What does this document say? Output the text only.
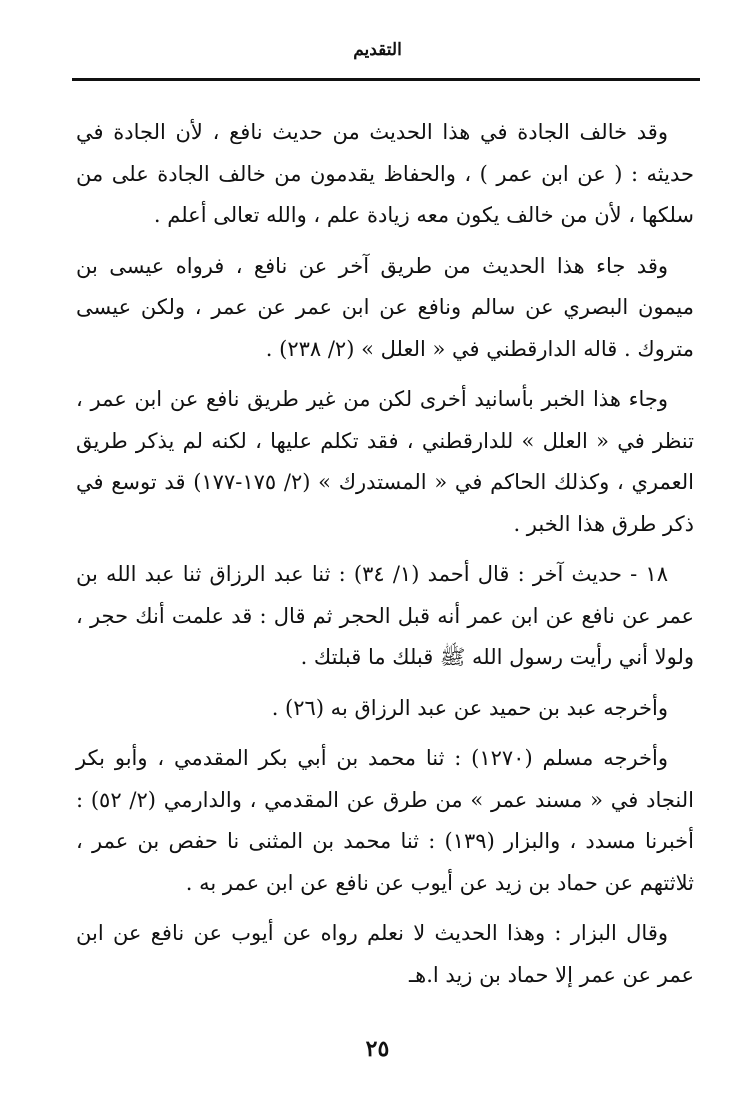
التقديم

وقد خالف الجادة في هذا الحديث من حديث نافع ، لأن الجادة في حديثه : ( عن ابن عمر ) ، والحفاظ يقدمون من خالف الجادة على من سلكها ، لأن من خالف يكون معه زيادة علم ، والله تعالى أعلم .

وقد جاء هذا الحديث من طريق آخر عن نافع ، فرواه عيسى بن ميمون البصري عن سالم ونافع عن ابن عمر عن عمر ، ولكن عيسى متروك . قاله الدارقطني في « العلل » (٢/ ٢٣٨) .

وجاء هذا الخبر بأسانيد أخرى لكن من غير طريق نافع عن ابن عمر ، تنظر في « العلل » للدارقطني ، فقد تكلم عليها ، لكنه لم يذكر طريق العمري ، وكذلك الحاكم في « المستدرك » (٢/ ١٧٥-١٧٧) قد توسع في ذكر طرق هذا الخبر .

١٨ - حديث آخر : قال أحمد (١/ ٣٤) : ثنا عبد الرزاق ثنا عبد الله بن عمر عن نافع عن ابن عمر أنه قبل الحجر ثم قال : قد علمت أنك حجر ، ولولا أني رأيت رسول الله ﷺ قبلك ما قبلتك .

وأخرجه عبد بن حميد عن عبد الرزاق به (٢٦) .

وأخرجه مسلم (١٢٧٠) : ثنا محمد بن أبي بكر المقدمي ، وأبو بكر النجاد في « مسند عمر » من طرق عن المقدمي ، والدارمي (٢/ ٥٢) : أخبرنا مسدد ، والبزار (١٣٩) : ثنا محمد بن المثنى نا حفص بن عمر ، ثلاثتهم عن حماد بن زيد عن أيوب عن نافع عن ابن عمر به .

وقال البزار : وهذا الحديث لا نعلم رواه عن أيوب عن نافع عن ابن عمر عن عمر إلا حماد بن زيد ا.هـ

٢٥
